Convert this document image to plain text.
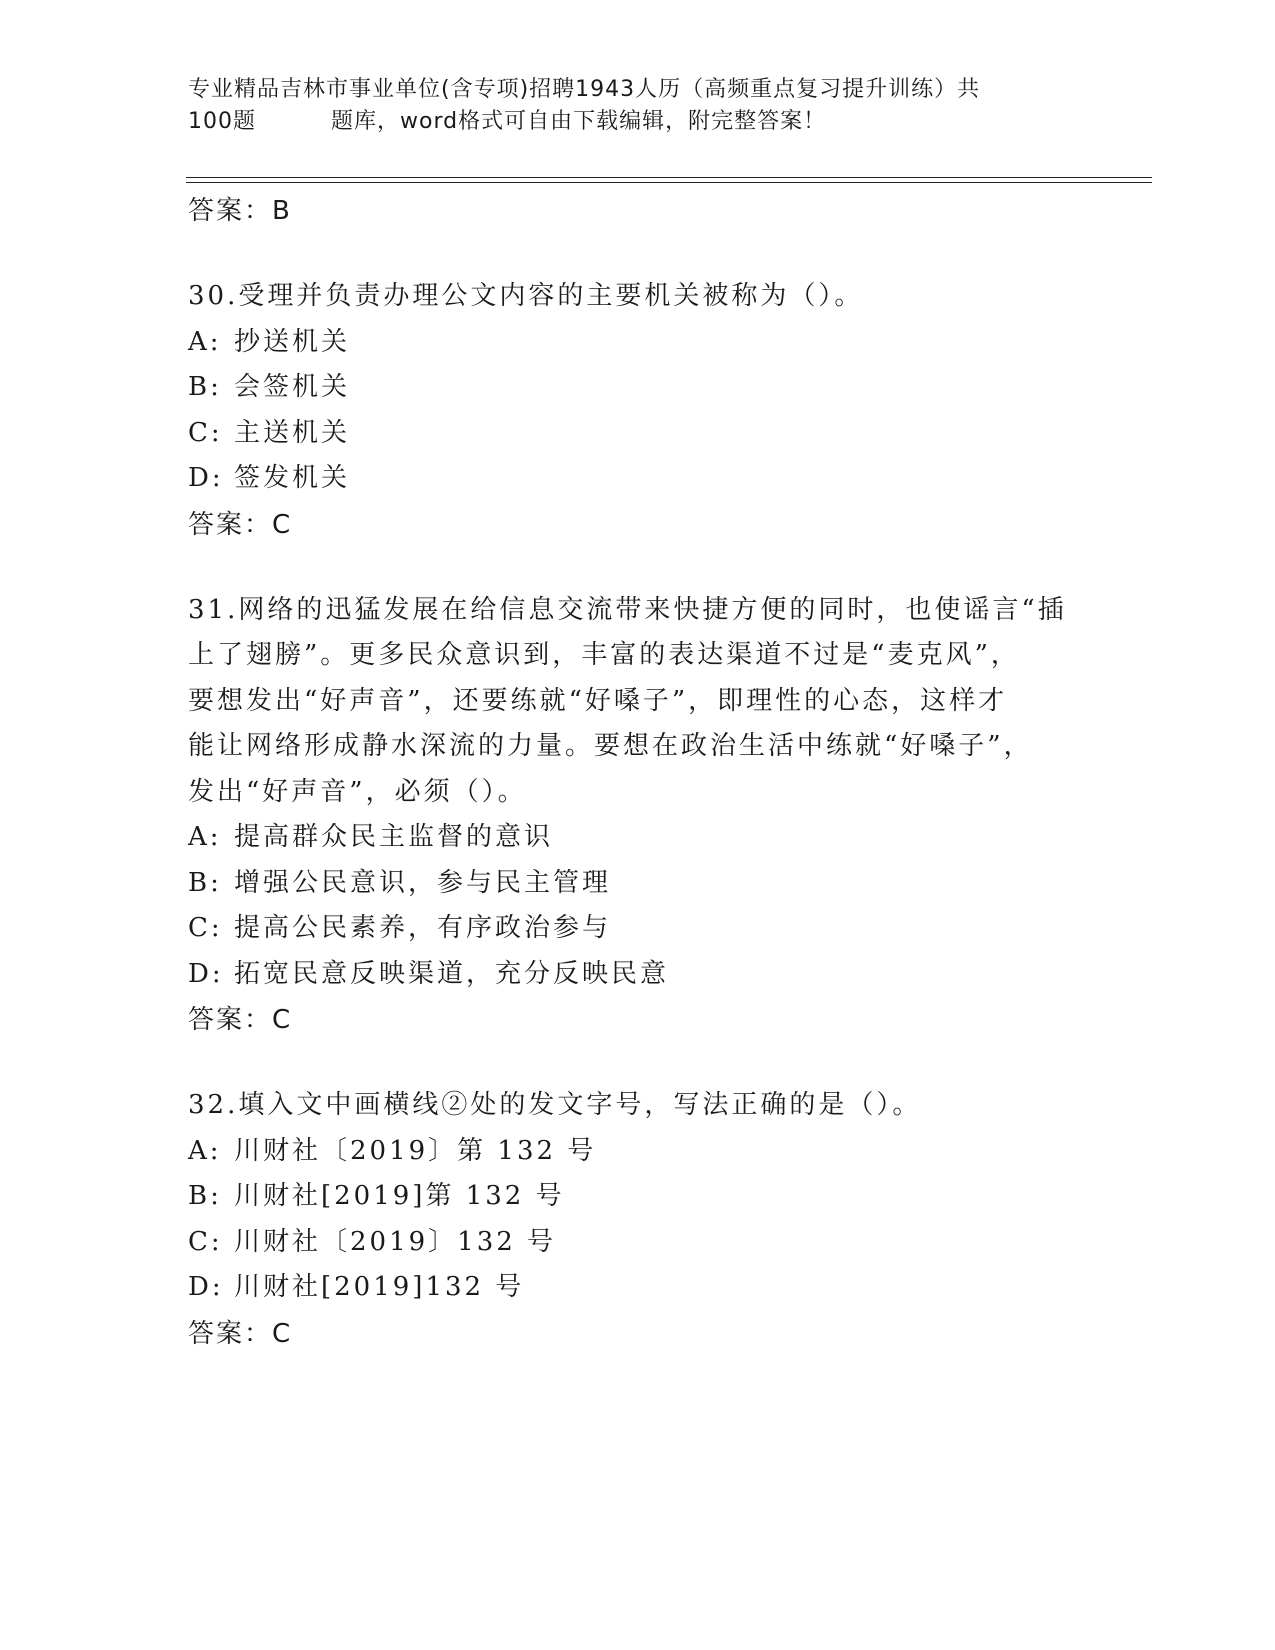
专业精品吉林市事业单位(含专项)招聘1943人历（高频重点复习提升训练）共
100题	题库，word格式可自由下载编辑，附完整答案！
答案：B
30.受理并负责办理公文内容的主要机关被称为（）。
A: 抄送机关
B: 会签机关
C: 主送机关
D: 签发机关
答案：C
31.网络的迅猛发展在给信息交流带来快捷方便的同时，也使谣言“插
上了翅膀”。更多民众意识到，丰富的表达渠道不过是“麦克风”，
要想发出“好声音”，还要练就“好嗓子”，即理性的心态，这样才
能让网络形成静水深流的力量。要想在政治生活中练就“好嗓子”，
发出“好声音”，必须（）。
A: 提高群众民主监督的意识
B: 增强公民意识，参与民主管理
C: 提高公民素养，有序政治参与
D: 拓宽民意反映渠道，充分反映民意
答案：C
32.填入文中画横线②处的发文字号，写法正确的是（）。
A: 川财社〔2019〕第 132 号
B: 川财社[2019]第 132 号
C: 川财社〔2019〕132 号
D: 川财社[2019]132 号
答案：C
